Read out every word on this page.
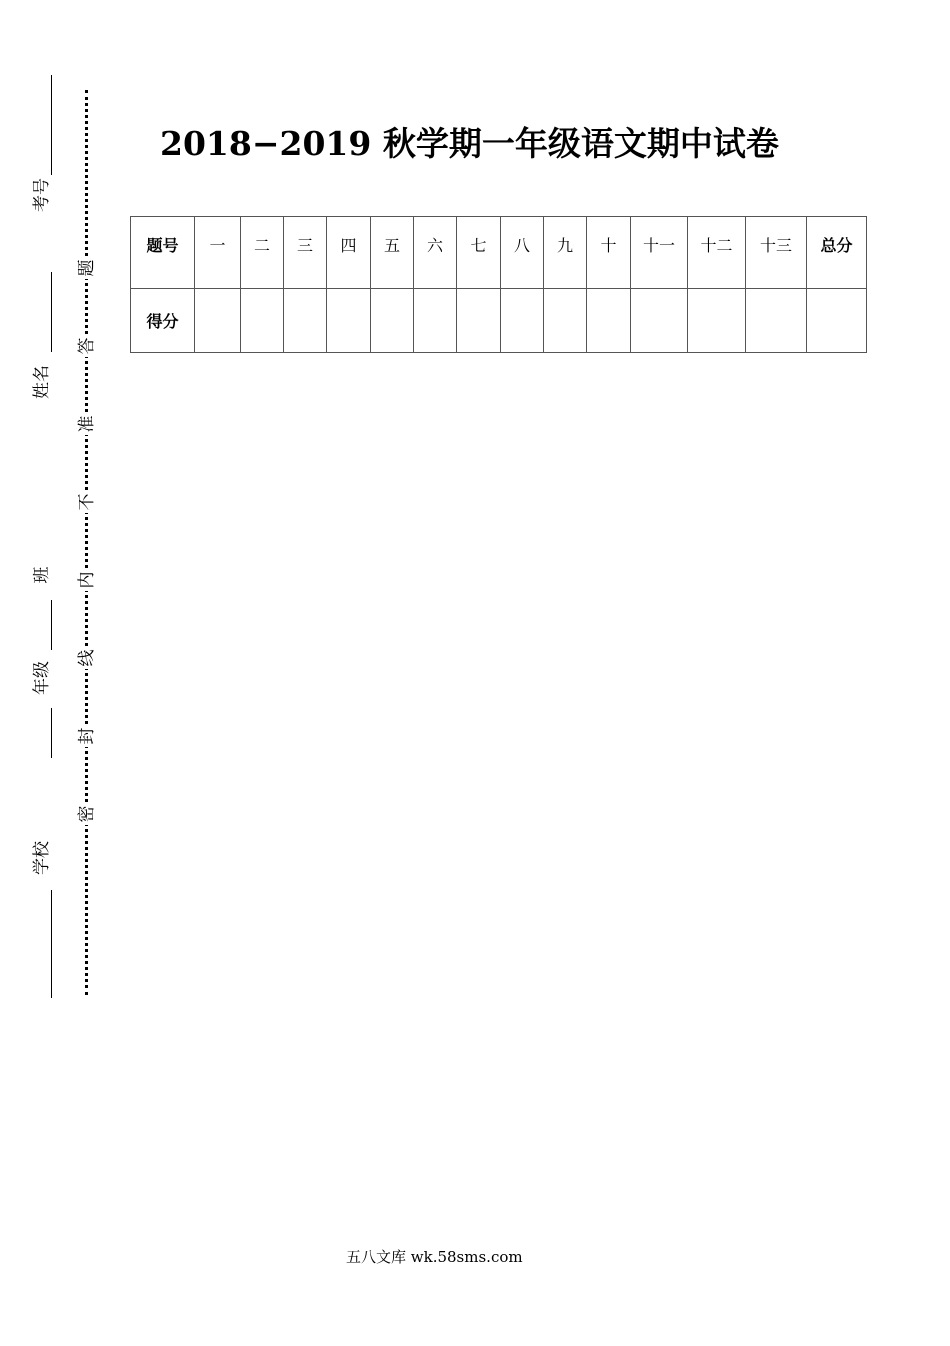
考号
姓名
班
年级
学校
题
答
准
不
内
线
封
密
2018−2019 秋学期一年级语文期中试卷
题号	一	二	三	四	五	六	七	八	九	十	十一	十二	十三	总分
得分														
五八文库 wk.58sms.com
